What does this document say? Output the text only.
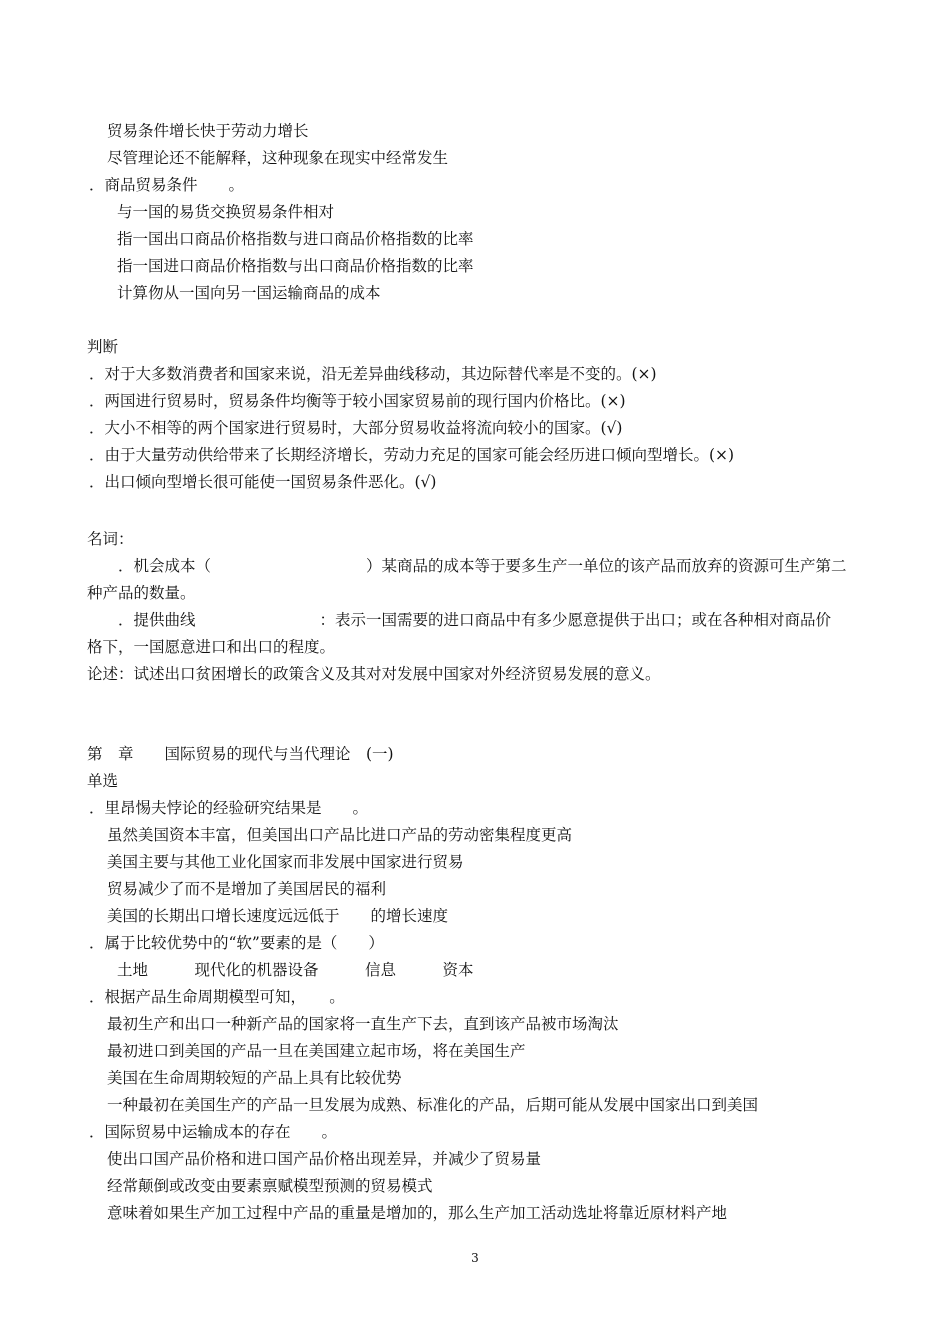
贸易条件增长快于劳动力增长
尽管理论还不能解释，这种现象在现实中经常发生
．商品贸易条件　　。
与一国的易货交换贸易条件相对
指一国出口商品价格指数与进口商品价格指数的比率
指一国进口商品价格指数与出口商品价格指数的比率
计算伆从一国向另一国运输商品的成本
判断
．对于大多数消费者和国家来说，沿无差异曲线移动，其边际替代率是不变的。(×)
．两国进行贸易时，贸易条件均衡等于较小国家贸易前的现行国内价格比。(×)
．大小不相等的两个国家进行贸易时，大部分贸易收益将流向较小的国家。(√)
．由于大量劳动供给带来了长期经济增长，劳动力充足的国家可能会经历进口倾向型增长。(×)
．出口倾向型增长很可能使一国贸易条件恶化。(√)
名词：
．机会成本（　　　　　　　　　　）某商品的成本等于要多生产一单位的该产品而放弃的资源可生产第二
种产品的数量。
．提供曲线　　　　　　　　：表示一国需要的进口商品中有多少愿意提供于出口；或在各种相对商品价
格下，一国愿意进口和出口的程度。
论述：试述出口贫困增长的政策含义及其对对发展中国家对外经济贸易发展的意义。
第　章　　国际贸易的现代与当代理论　(一)
单选
．里昂惕夫悖论的经验研究结果是　　。
虽然美国资本丰富，但美国出口产品比进口产品的劳动密集程度更高
美国主要与其他工业化国家而非发展中国家进行贸易
贸易减少了而不是增加了美国居民的福利
美国的长期出口增长速度远远低于　　的增长速度
．属于比较优势中的“软”要素的是（　　）
土地　　　现代化的机器设备　　　信息　　　资本
．根据产品生命周期模型可知，　　。
最初生产和出口一种新产品的国家将一直生产下去，直到该产品被市场淘汰
最初进口到美国的产品一旦在美国建立起市场，将在美国生产
美国在生命周期较短的产品上具有比较优势
一种最初在美国生产的产品一旦发展为成熟、标准化的产品，后期可能从发展中国家出口到美国
．国际贸易中运输成本的存在　　。
使出口国产品价格和进口国产品价格出现差异，并减少了贸易量
经常颠倒或改变由要素禀赋模型预测的贸易模式
意味着如果生产加工过程中产品的重量是增加的，那么生产加工活动选址将靠近原材料产地
3
